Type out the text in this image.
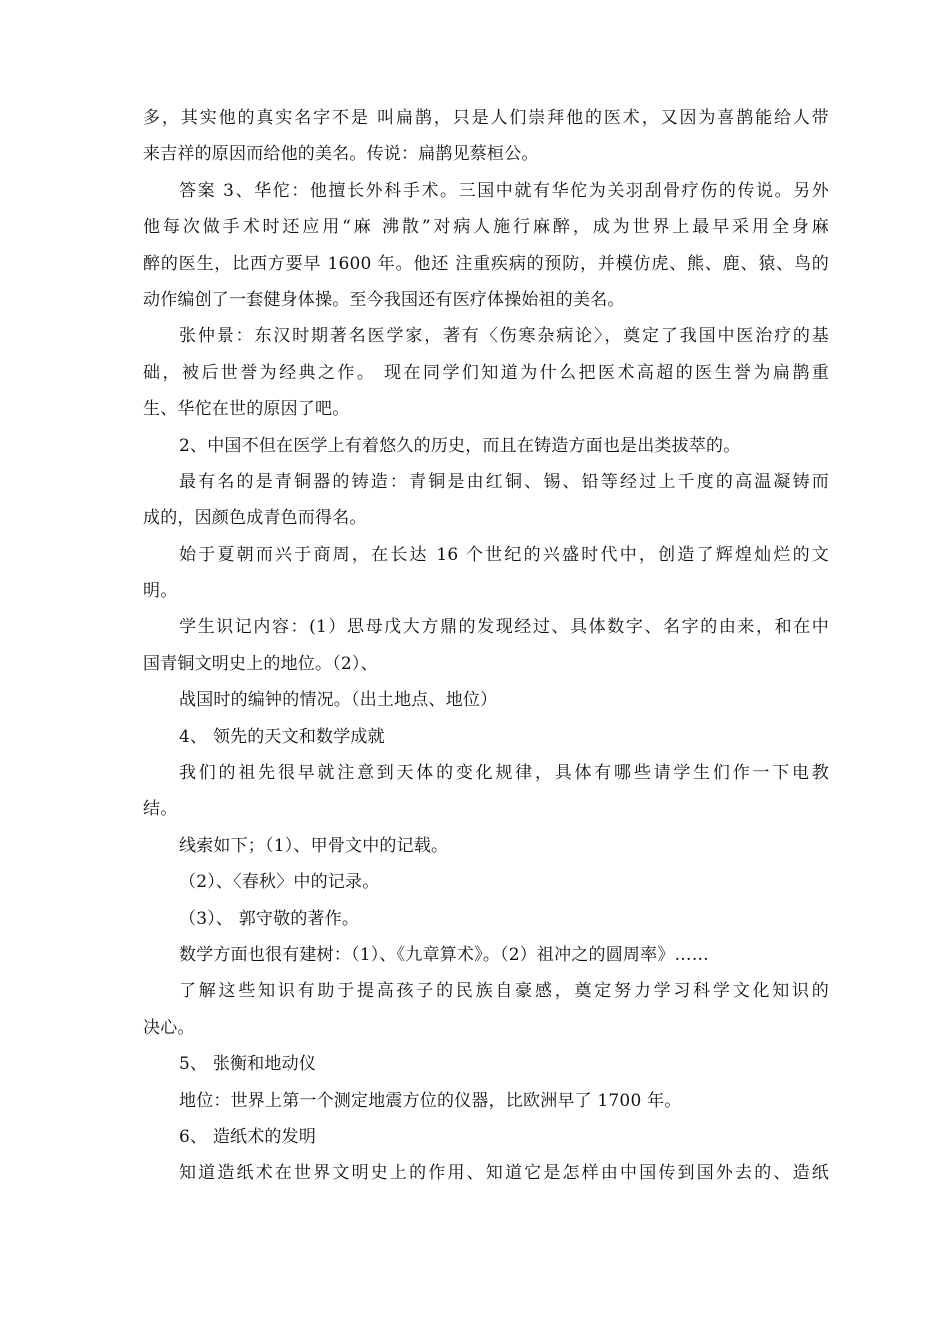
多，其实他的真实名字不是 叫扁鹊，只是人们崇拜他的医术，又因为喜鹊能给人带
来吉祥的原因而给他的美名。传说：扁鹊见蔡桓公。
答案 3、华佗：他擅长外科手术。三国中就有华佗为关羽刮骨疗伤的传说。另外
他每次做手术时还应用“麻 沸散”对病人施行麻醉，成为世界上最早采用全身麻
醉的医生，比西方要早 1600 年。他还 注重疾病的预防，并模仿虎、熊、鹿、猿、鸟的
动作编创了一套健身体操。至今我国还有医疗体操始祖的美名。
张仲景：东汉时期著名医学家，著有〈伤寒杂病论〉，奠定了我国中医治疗的基
础，被后世誉为经典之作。 现在同学们知道为什么把医术高超的医生誉为扁鹊重
生、华佗在世的原因了吧。
2、中国不但在医学上有着悠久的历史，而且在铸造方面也是出类拔萃的。
最有名的是青铜器的铸造：青铜是由红铜、锡、铅等经过上千度的高温凝铸而
成的，因颜色成青色而得名。
始于夏朝而兴于商周，在长达 16 个世纪的兴盛时代中，创造了辉煌灿烂的文
明。
学生识记内容：(1）思母戊大方鼎的发现经过、具体数字、名字的由来，和在中
国青铜文明史上的地位。（2）、
战国时的编钟的情况。（出土地点、地位）
4、 领先的天文和数学成就
我们的祖先很早就注意到天体的变化规律，具体有哪些请学生们作一下电教
结。
线索如下；（1）、甲骨文中的记载。
（2）、〈春秋〉中的记录。
（3）、 郭守敬的著作。
数学方面也很有建树：（1）、《九章算术》。（2）祖冲之的圆周率》……
了解这些知识有助于提高孩子的民族自豪感，奠定努力学习科学文化知识的
决心。
5、 张衡和地动仪
地位：世界上第一个测定地震方位的仪器，比欧洲早了 1700 年。
6、 造纸术的发明
知道造纸术在世界文明史上的作用、知道它是怎样由中国传到国外去的、造纸
